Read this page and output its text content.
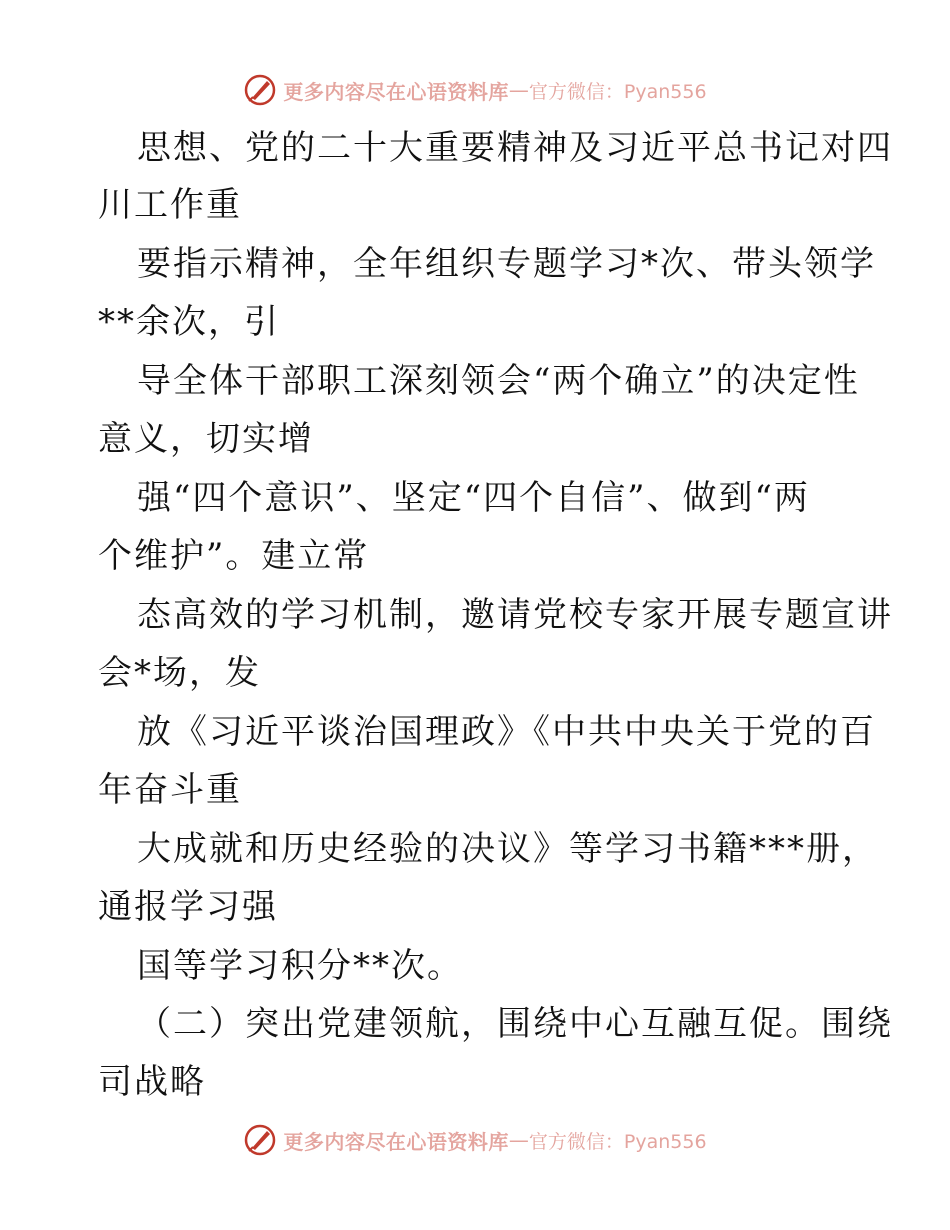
更多内容尽在心语资料库 — 官方微信：Pyan556
思想、党的二十大重要精神及习近平总书记对四
川工作重
要指示精神，全年组织专题学习*次、带头领学
**余次，引
导全体干部职工深刻领会“两个确立”的决定性
意义，切实增
强“四个意识”、坚定“四个自信”、做到“两
个维护”。建立常
态高效的学习机制，邀请党校专家开展专题宣讲
会*场，发
放《习近平谈治国理政》《中共中央关于党的百
年奋斗重
大成就和历史经验的决议》等学习书籍***册，
通报学习强
国等学习积分**次。
（二）突出党建领航，围绕中心互融互促。围绕
司战略
更多内容尽在心语资料库 — 官方微信：Pyan556
